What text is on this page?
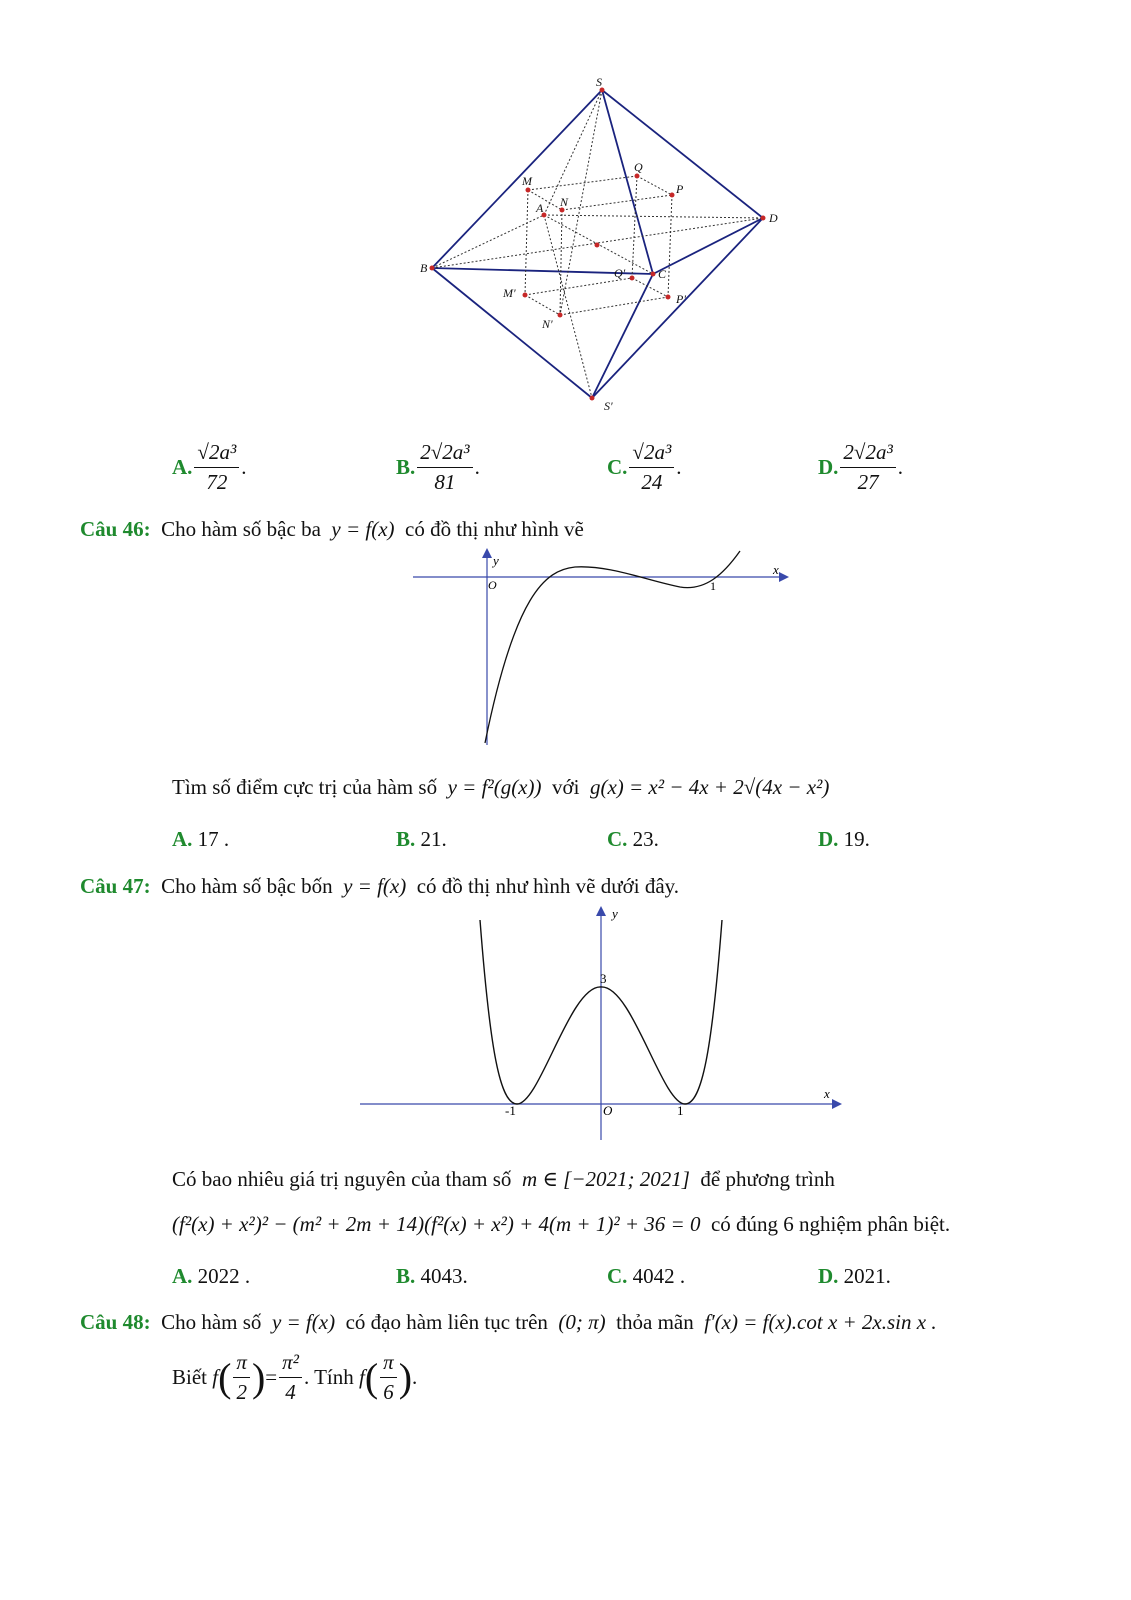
S
B
D
C
A
M
N
Q
P
M'
N'
Q'
P'
S'
A. $\frac{\text{√2a³}}{72}$ .	B. $\frac{\text{2√2a³}}{81}$ .	C. $\frac{\text{√2a³}}{24}$ .	D. $\frac{\text{2√2a³}}{27}$ .
Câu 46: Cho hàm số bậc ba y = f(x) có đồ thị như hình vẽ
y
x
O	1
Tìm số điểm cực trị của hàm số y = f²(g(x)) với g(x) = x² − 4x + 2√(4x − x²)
A.
17 .	B.
21.	C.
23.	D.
19.
Câu 47: Cho hàm số bậc bốn y = f(x) có đồ thị như hình vẽ dưới đây.
y
x
O
3
-1	1
Có bao nhiêu giá trị nguyên của tham số m ∈ [−2021; 2021] để phương trình
(f²(x) + x²)² − (m² + 2m + 14)(f²(x) + x²) + 4(m + 1)² + 36 = 0 có đúng 6 nghiệm phân biệt.
A.
2022 .	B.
4043.	C.
4042 .	D.
2021.
Câu 48: Cho hàm số y = f(x) có đạo hàm liên tục trên (0; π) thỏa mãn f′(x) = f(x).cot x + 2x.sin x .
Biết
f ( $\frac{\pi}{2}$ ) = $\frac{\text{π²}}{4}$ . Tính
f ( $\frac{\pi}{6}$ ) .
